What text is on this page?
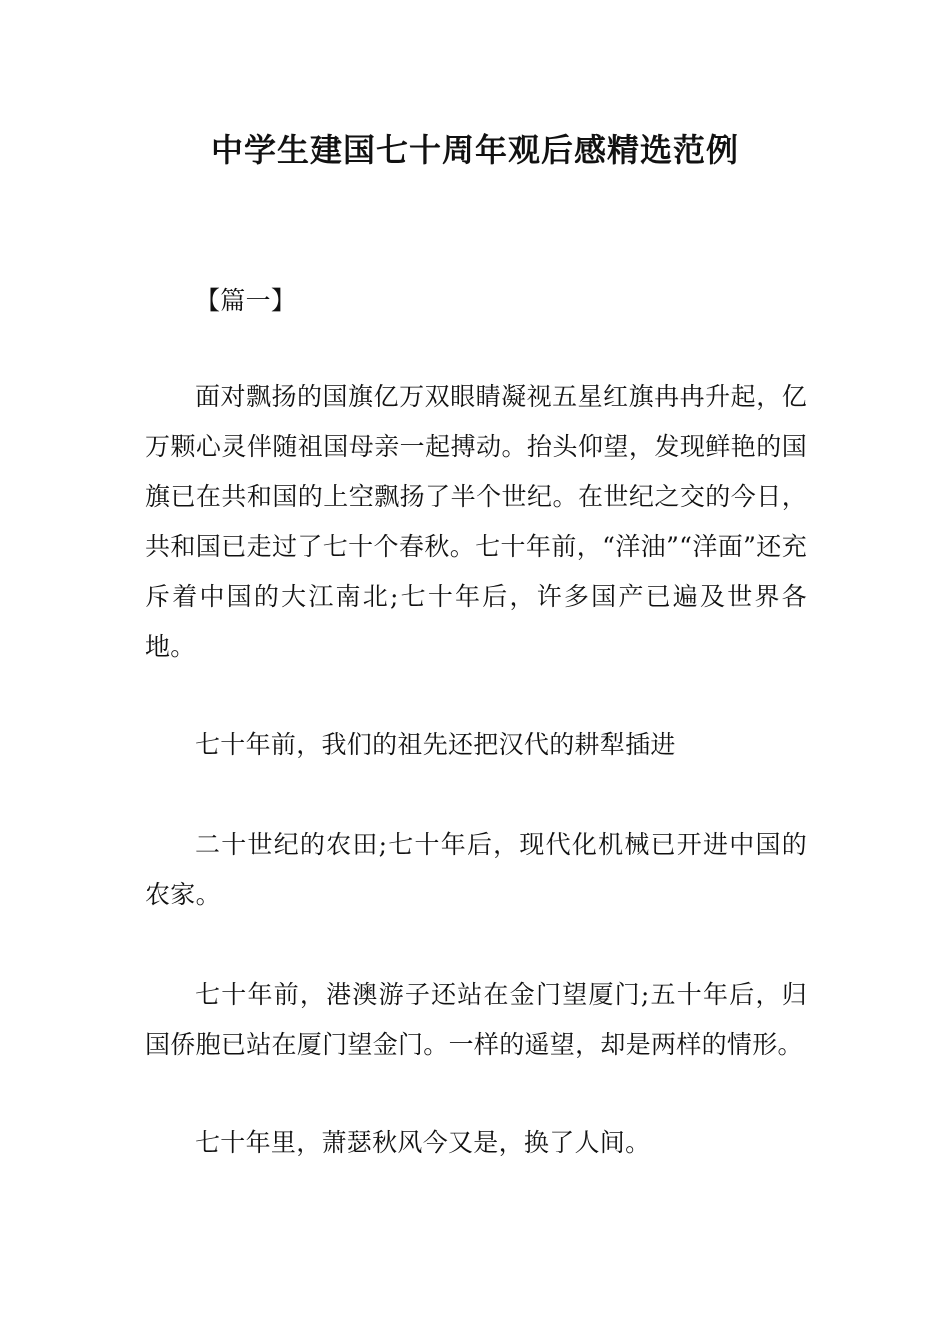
中学生建国七十周年观后感精选范例

【篇一】

面对飘扬的国旗亿万双眼睛凝视五星红旗冉冉升起，亿万颗心灵伴随祖国母亲一起搏动。抬头仰望，发现鲜艳的国旗已在共和国的上空飘扬了半个世纪。在世纪之交的今日，共和国已走过了七十个春秋。七十年前，“洋油”“洋面”还充斥着中国的大江南北;七十年后，许多国产已遍及世界各地。

七十年前，我们的祖先还把汉代的耕犁插进

二十世纪的农田;七十年后，现代化机械已开进中国的农家。

七十年前，港澳游子还站在金门望厦门;五十年后，归国侨胞已站在厦门望金门。一样的遥望，却是两样的情形。

七十年里，萧瑟秋风今又是，换了人间。
